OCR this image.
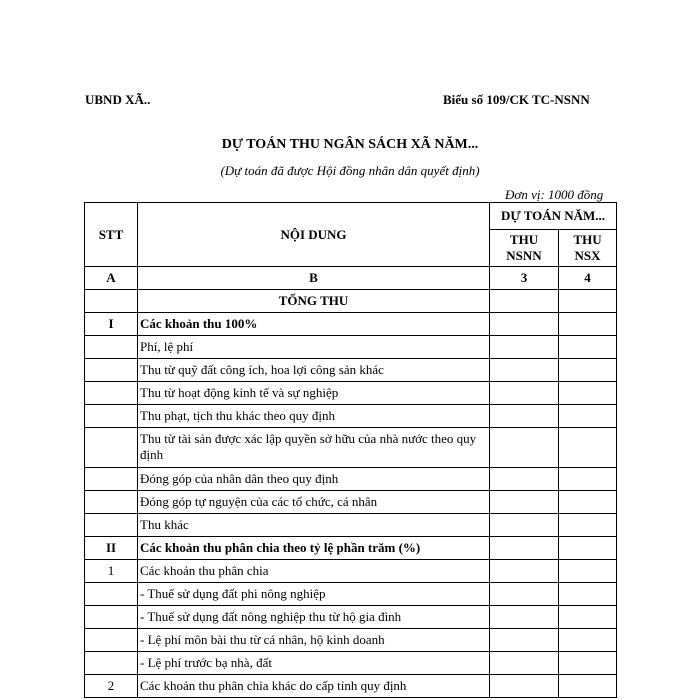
UBND XÃ..	Biểu số 109/CK TC-NSNN
DỰ TOÁN THU NGÂN SÁCH XÃ NĂM...
(Dự toán đã được Hội đồng nhân dân quyết định)
Đơn vị: 1000 đồng
STT	NỘI DUNG	DỰ TOÁN NĂM...	
		THU NSNN	THU NSX
A	B	3	4
	TỔNG THU		
I	Các khoản thu 100%		
	Phí, lệ phí		
	Thu từ quỹ đất công ích, hoa lợi công sản khác		
	Thu từ hoạt động kinh tế và sự nghiệp		
	Thu phạt, tịch thu khác theo quy định		
	Thu từ tài sản được xác lập quyền sở hữu của nhà nước theo quy định		
	Đóng góp của nhân dân theo quy định		
	Đóng góp tự nguyện của các tổ chức, cá nhân		
	Thu khác		
II	Các khoản thu phân chia theo tỷ lệ phần trăm (%)		
1	Các khoản thu phân chia		
	- Thuế sử dụng đất phi nông nghiệp		
	- Thuế sử dụng đất nông nghiệp thu từ hộ gia đình		
	- Lệ phí môn bài thu từ cá nhân, hộ kinh doanh		
	- Lệ phí trước bạ nhà, đất		
2	Các khoản thu phân chia khác do cấp tỉnh quy định		
